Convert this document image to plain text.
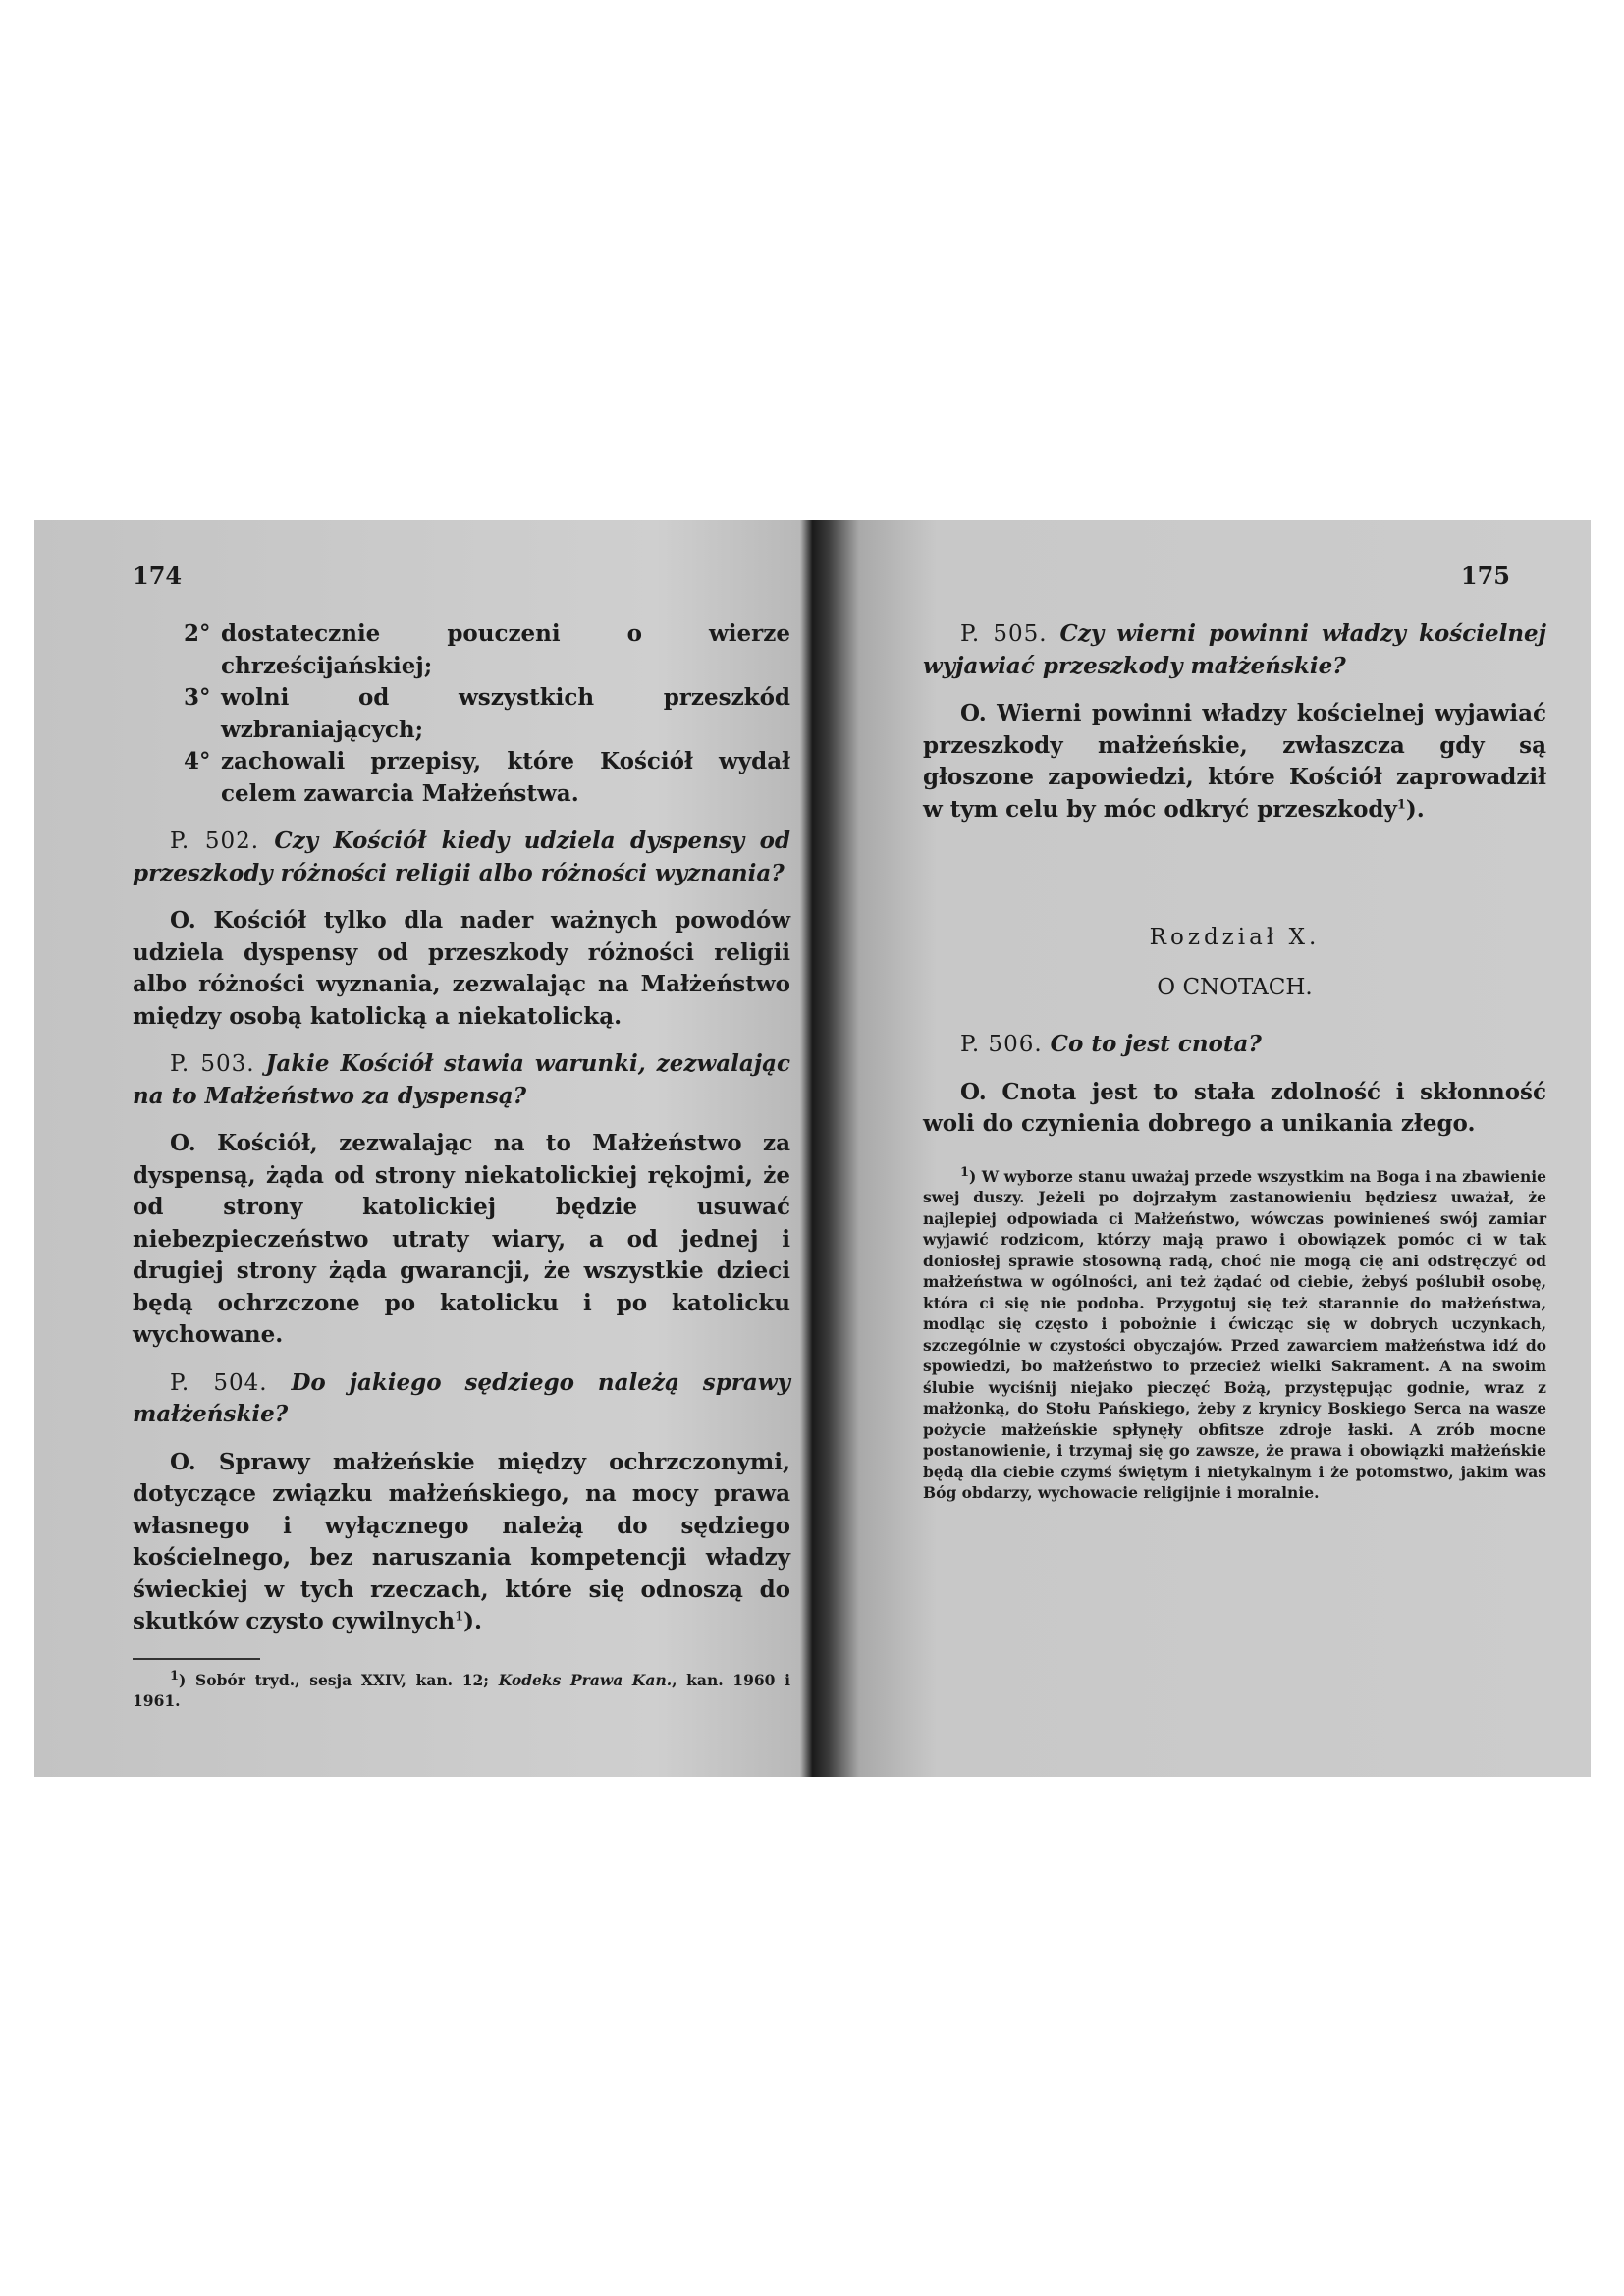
174
2° dostatecznie pouczeni o wierze chrześcijańskiej;
3° wolni od wszystkich przeszkód wzbraniających;
4° zachowali przepisy, które Kościół wydał celem zawarcia Małżeństwa.

P. 502. Czy Kościół kiedy udziela dyspensy od przeszkody różności religii albo różności wyznania?

O. Kościół tylko dla nader ważnych powodów udziela dyspensy od przeszkody różności religii albo różności wyznania, zezwalając na Małżeństwo między osobą katolicką a niekatolicką.

P. 503. Jakie Kościół stawia warunki, zezwalając na to Małżeństwo za dyspensą?

O. Kościół, zezwalając na to Małżeństwo za dyspensą, żąda od strony niekatolickiej rękojmi, że od strony katolickiej będzie usuwać niebezpieczeństwo utraty wiary, a od jednej i drugiej strony żąda gwarancji, że wszystkie dzieci będą ochrzczone po katolicku i po katolicku wychowane.

P. 504. Do jakiego sędziego należą sprawy małżeńskie?

O. Sprawy małżeńskie między ochrzczonymi, dotyczące związku małżeńskiego, na mocy prawa własnego i wyłącznego należą do sędziego kościelnego, bez naruszania kompetencji władzy świeckiej w tych rzeczach, które się odnoszą do skutków czysto cywilnych$^1$).

$^1$) Sobór tryd., sesja XXIV, kan. 12; Kodeks Prawa Kan., kan. 1960 i 1961.

175

P. 505. Czy wierni powinni władzy kościelnej wyjawiać przeszkody małżeńskie?

O. Wierni powinni władzy kościelnej wyjawiać przeszkody małżeńskie, zwłaszcza gdy są głoszone zapowiedzi, które Kościół zaprowadził w tym celu by móc odkryć przeszkody$^1$).

Rozdział X.
O CNOTACH.

P. 506. Co to jest cnota?

O. Cnota jest to stała zdolność i skłonność woli do czynienia dobrego a unikania złego.

$^1$) W wyborze stanu uważaj przede wszystkim na Boga i na zbawienie swej duszy. Jeżeli po dojrzałym zastanowieniu będziesz uważał, że najlepiej odpowiada ci Małżeństwo, wówczas powinieneś swój zamiar wyjawić rodzicom, którzy mają prawo i obowiązek pomóc ci w tak doniosłej sprawie stosowną radą, choć nie mogą cię ani odstręczyć od małżeństwa w ogólności, ani też żądać od ciebie, żebyś poślubił osobę, która ci się nie podoba. Przygotuj się też starannie do małżeństwa, modląc się często i pobożnie i ćwicząc się w dobrych uczynkach, szczególnie w czystości obyczajów. Przed zawarciem małżeństwa idź do spowiedzi, bo małżeństwo to przecież wielki Sakrament. A na swoim ślubie wyciśnij niejako pieczęć Bożą, przystępując godnie, wraz z małżonką, do Stołu Pańskiego, żeby z krynicy Boskiego Serca na wasze pożycie małżeńskie spłynęły obfitsze zdroje łaski. A zrób mocne postanowienie, i trzymaj się go zawsze, że prawa i obowiązki małżeńskie będą dla ciebie czymś świętym i nietykalnym i że potomstwo, jakim was Bóg obdarzy, wychowacie religijnie i moralnie.
